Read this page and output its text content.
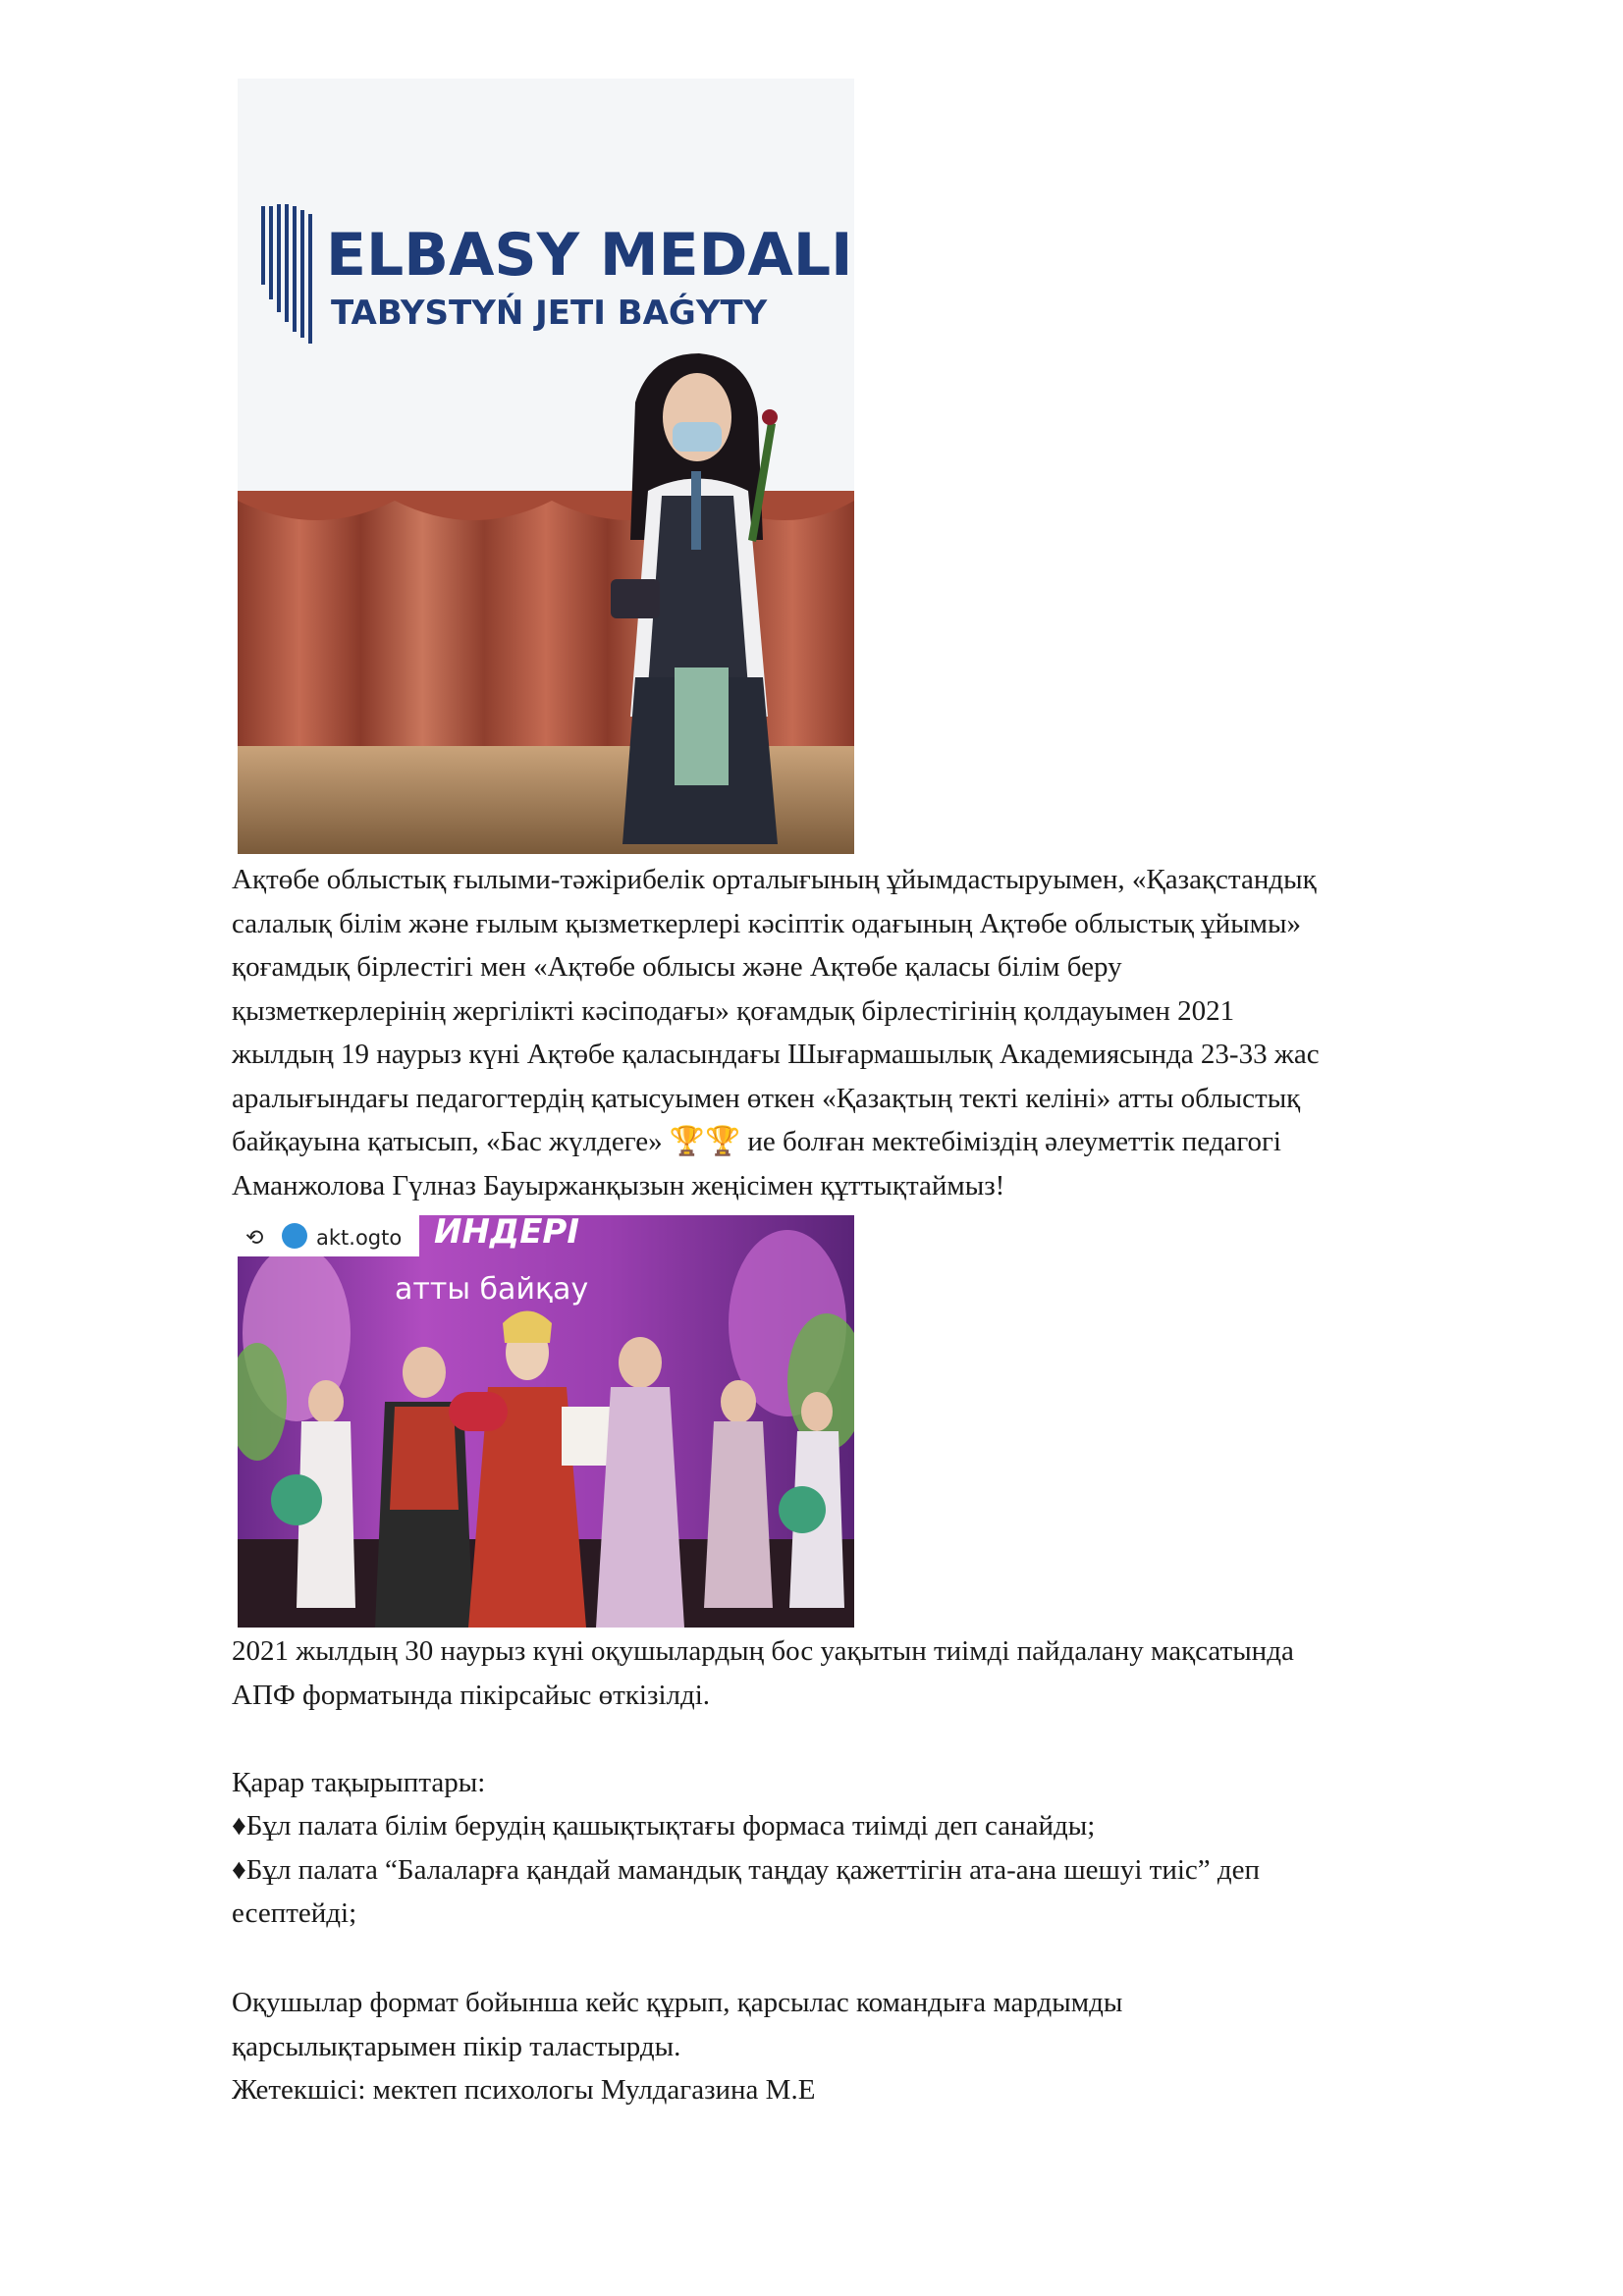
ELBASY MEDALI
TABYSTYŃ JETI BAǴYTY
Ақтөбе облыстық ғылыми-тәжірибелік орталығының ұйымдастыруымен, «Қазақстандық
салалық білім және ғылым қызметкерлері кәсіптік одағының Ақтөбе облыстық ұйымы»
қоғамдық бірлестігі мен «Ақтөбе облысы және Ақтөбе қаласы білім беру
қызметкерлерінің жергілікті кәсіподағы» қоғамдық бірлестігінің қолдауымен 2021
жылдың 19 наурыз күні Ақтөбе қаласындағы Шығармашылық Академиясында 23-33 жас
аралығындағы педагогтердің қатысуымен өткен «Қазақтың текті келіні» атты облыстық
байқауына қатысып, «Бас жүлдеге» 🏆🏆 ие болған мектебіміздің әлеуметтік педагогі
Аманжолова Гүлназ Бауыржанқызын жеңісімен құттықтаймыз!
⟲	akt.ogto ИНДЕРІ
атты байқау
2021 жылдың 30 наурыз күні оқушылардың бос уақытын тиімді пайдалану мақсатында
АПФ форматында пікірсайыс өткізілді.
Қарар тақырыптары:
♦Бұл палата білім берудің қашықтықтағы формаса тиімді деп санайды;
♦Бұл палата “Балаларға қандай мамандық таңдау қажеттігін ата-ана шешуі тиіс” деп
есептейді;
Оқушылар формат бойынша кейс құрып, қарсылас командыға мардымды
қарсылықтарымен пікір таластырды.
Жетекшісі: мектеп психологы Мулдагазина М.Е
